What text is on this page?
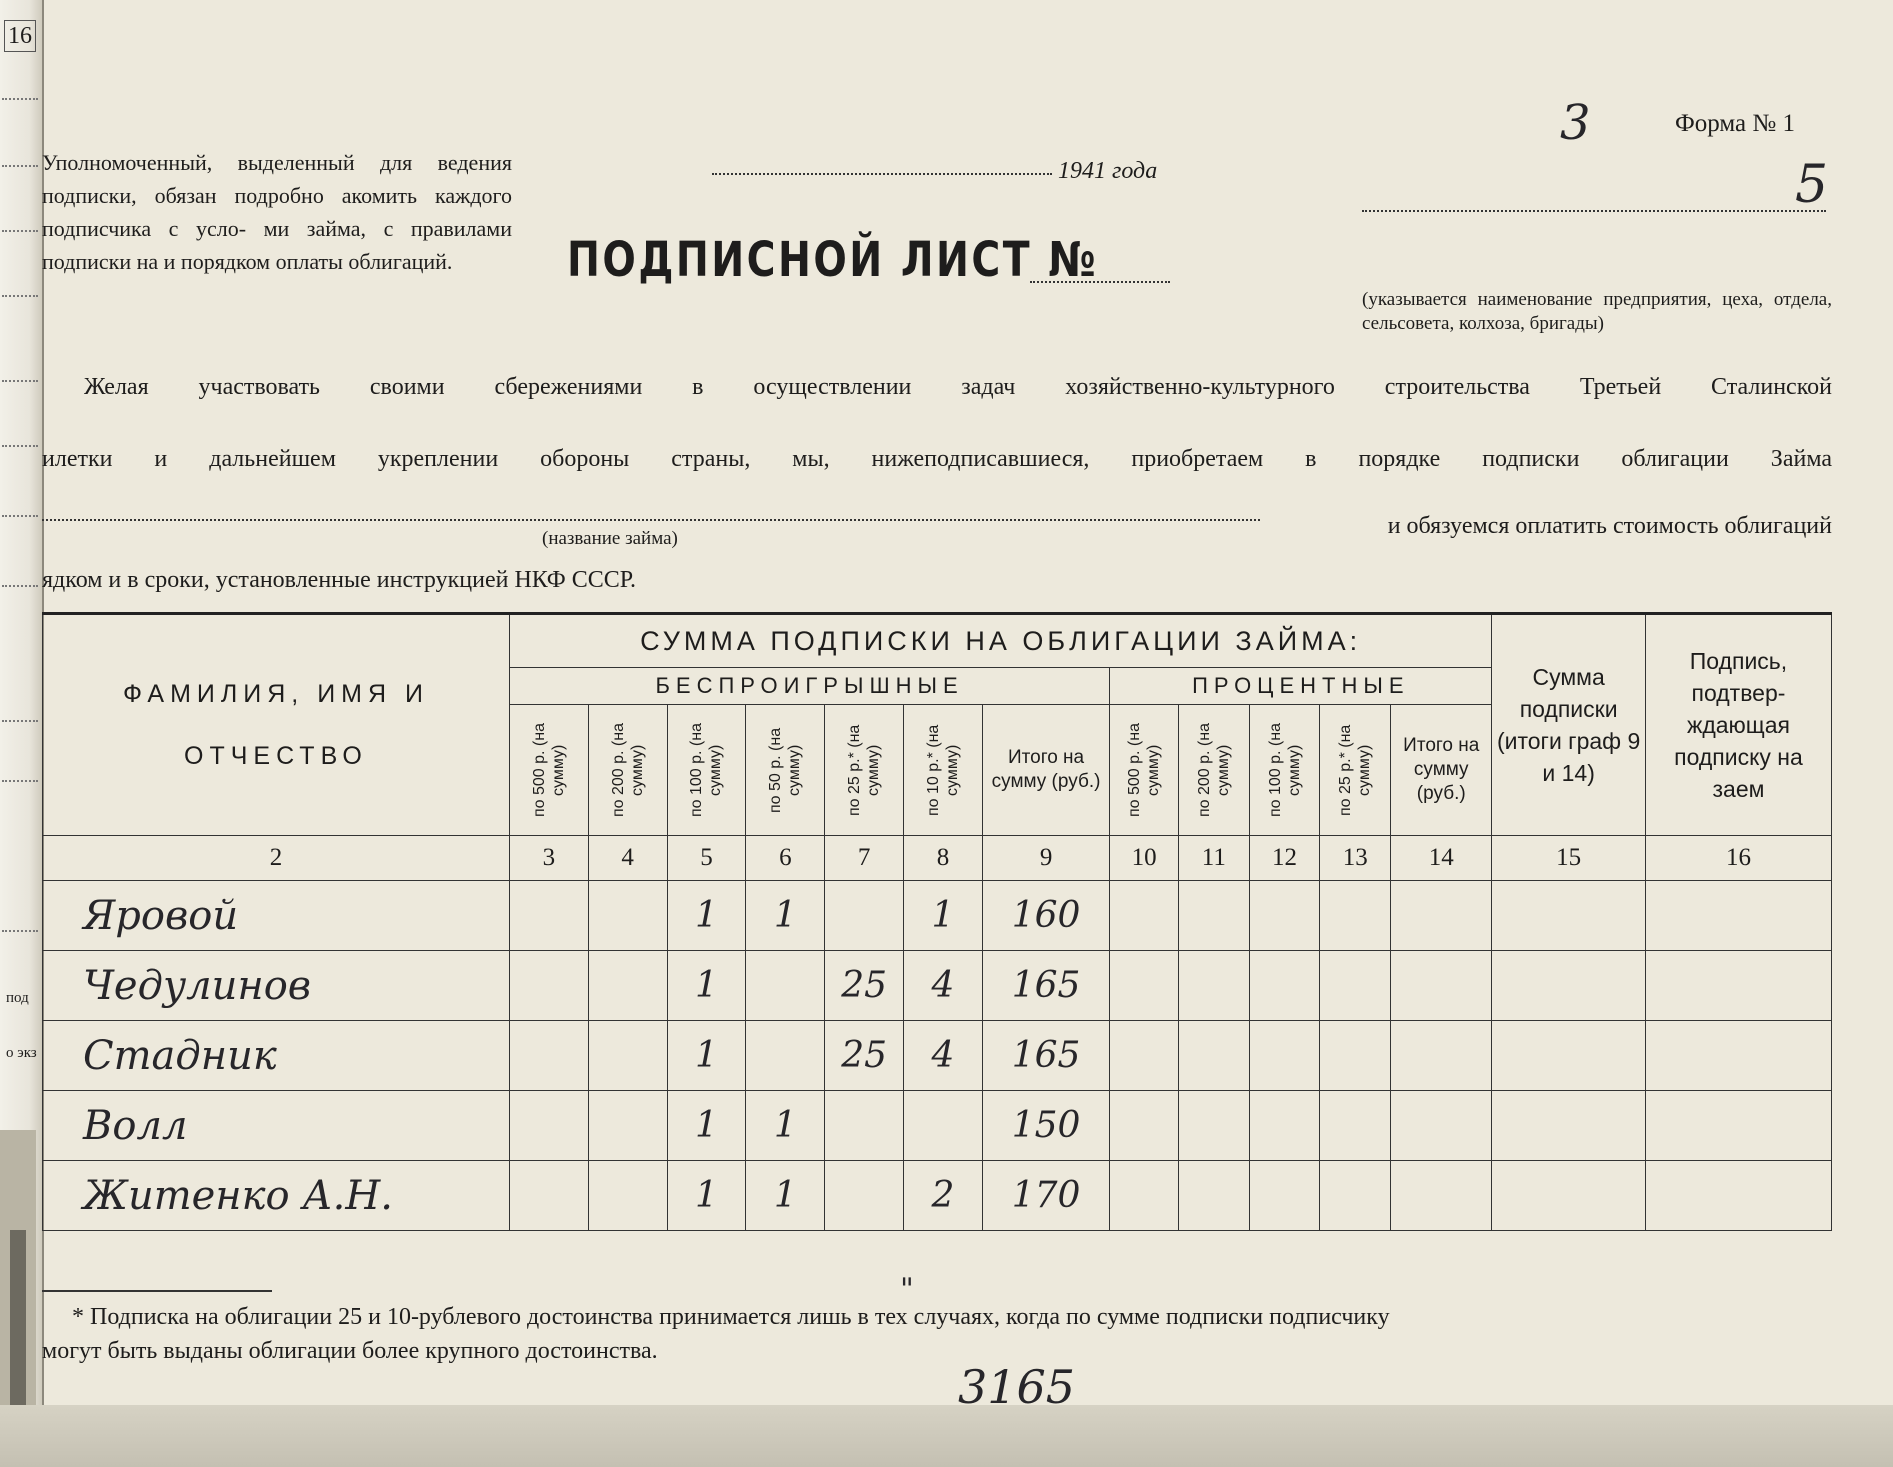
16
под
о экз
Уполномоченный, выделенный для ведения подписки, обязан подробно акомить каждого подписчика с усло- ми займа, с правилами подписки на и порядком оплаты облигаций.
1941 года
ПОДПИСНОЙ ЛИСТ №
Форма № 1
3
5
(указывается наименование предприятия, цеха, отдела, сельсовета, колхоза, бригады)
Желая участвовать своими сбережениями в осуществлении задач хозяйственно-культурного строительства Третьей Сталинской
илетки и дальнейшем укреплении обороны страны, мы, нижеподписавшиеся, приобретаем в порядке подписки облигации Займа
(название займа)	и обязуемся оплатить стоимость облигаций
ядком и в сроки, установленные инструкцией НКФ СССР.
ФАМИЛИЯ, ИМЯ И ОТЧЕСТВО	СУММА ПОДПИСКИ НА ОБЛИГАЦИИ ЗАЙМА:												Сумма подписки (итоги граф 9 и 14)	Подпись, подтвер- ждающая подписку на заем
	БЕСПРОИГРЫШНЫЕ							ПРОЦЕНТНЫЕ						

	по 500 р. (на сумму)	по 200 р. (на сумму)	по 100 р. (на сумму)	по 50 р. (на сумму)	по 25 р.* (на сумму)	по 10 р.* (на сумму)	Итого на сумму (руб.)	по 500 р. (на сумму)	по 200 р. (на сумму)	по 100 р. (на сумму)	по 25 р.* (на сумму)	Итого на сумму (руб.)		
2	3	4	5	6	7	8	9	10	11	12	13	14	15	16
Яровой			1	1		1	160							
Чедулинов			1		25	4	165							
Стадник			1		25	4	165							
Волл			1	1			150							
Житенко А.Н.			1	1		2	170							
"
* Подписка на облигации 25 и 10-рублевого достоинства принимается лишь в тех случаях, когда по сумме подписки подписчику
могут быть выданы облигации более крупного достоинства.
3165
